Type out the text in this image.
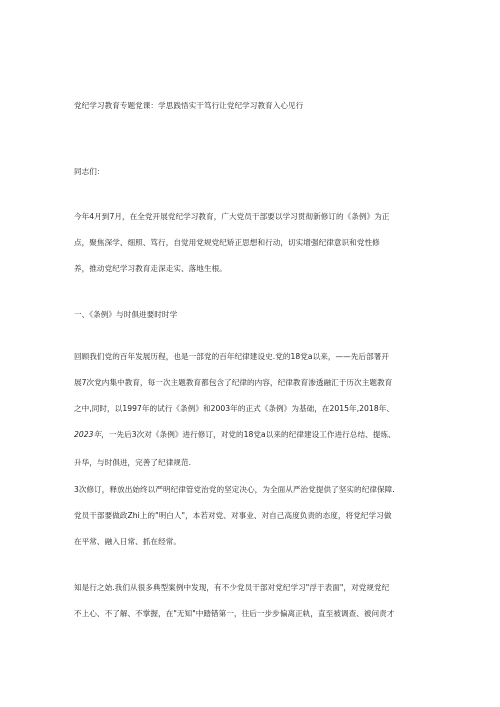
党纪学习教育专题党课：学思践悟实干笃行让党纪学习教育入心见行
同志们：
今年4月到7月，在全党开展党纪学习教育，广大党员干部要以学习贯彻新修订的《条例》为正
点，聚焦深学、细照、笃行，自觉用党规党纪矫正思想和行动，切实增强纪律意识和党性修
养，推动党纪学习教育走深走实、落地生根。
一、《条例》与时俱进要时时学
回顾我们党的百年发展历程，也是一部党的百年纪律建设史.党的18党a以来，——先后部署开
展7次党内集中教育，每一次主题教育都包含了纪律的内容，纪律教育渗透融汇于历次主题教育
之中,同时，以1997年的试行《条例》和2003年的正式《条例》为基础，在2015年,2018年、
2023年，一先后3次对《条例》进行修订，对党的18党a以来的纪律建设工作进行总结、提炼、
升华，与时俱进，完善了纪律规范.
3次修订，释放出始终以严明纪律管党治党的坚定决心，为全面从严治党提供了坚实的纪律保障.
党员干部要做政Zhi上的"明白人"，本若对党、对事业、对自己高度负责的态度，将党纪学习做
在平常、融入日常、抓在经常。
知是行之始.我们从很多典型案例中发现，有不少党员干部对党纪学习"浮于表面"，对党规党纪
不上心、不了解、不掌握，在"无知"中踏错第一，往后一步步偏离正轨，直至被调查、被问责才
